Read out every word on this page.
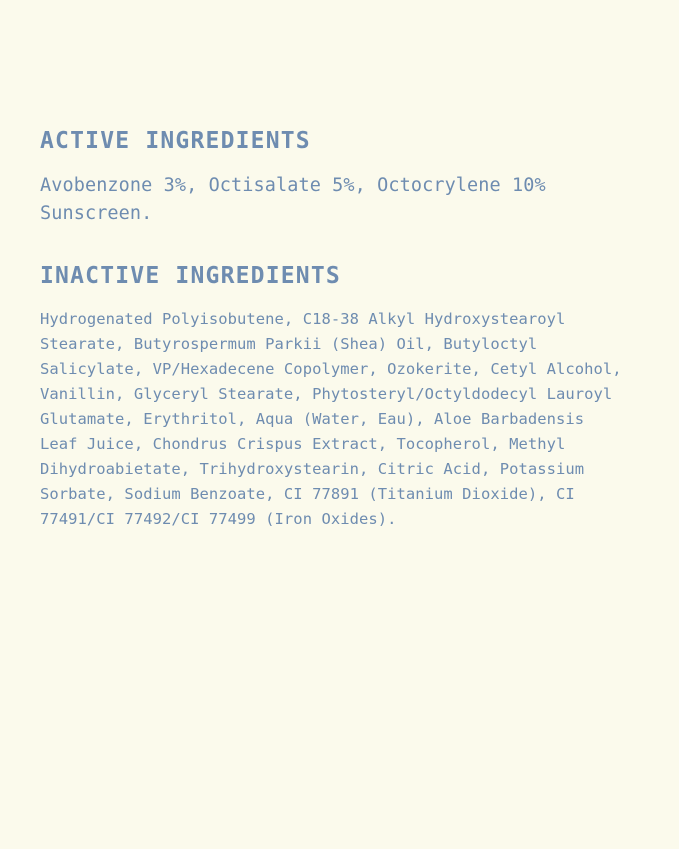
ACTIVE INGREDIENTS

Avobenzone 3%, Octisalate 5%, Octocrylene 10% Sunscreen.

INACTIVE INGREDIENTS

Hydrogenated Polyisobutene, C18-38 Alkyl Hydroxystearoyl Stearate, Butyrospermum Parkii (Shea) Oil, Butyloctyl Salicylate, VP/Hexadecene Copolymer, Ozokerite, Cetyl Alcohol, Vanillin, Glyceryl Stearate, Phytosteryl/Octyldodecyl Lauroyl Glutamate, Erythritol, Aqua (Water, Eau), Aloe Barbadensis Leaf Juice, Chondrus Crispus Extract, Tocopherol, Methyl Dihydroabietate, Trihydroxystearin, Citric Acid, Potassium Sorbate, Sodium Benzoate, CI 77891 (Titanium Dioxide), CI 77491/CI 77492/CI 77499 (Iron Oxides).
